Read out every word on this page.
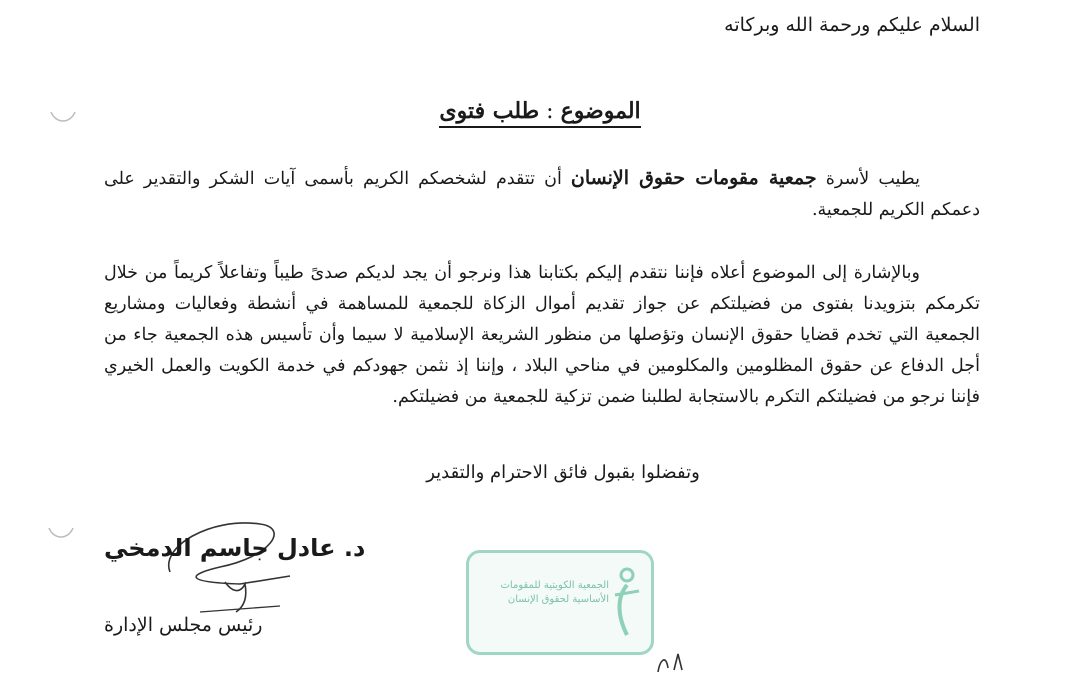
السلام عليكم ورحمة الله وبركاته
الموضوع : طلب فتوى
يطيب لأسرة جمعية مقومات حقوق الإنسان أن تتقدم لشخصكم الكريم بأسمى آيات الشكر والتقدير على دعمكم الكريم للجمعية.
وبالإشارة إلى الموضوع أعلاه فإننا نتقدم إليكم بكتابنا هذا ونرجو أن يجد لديكم صدىً طيباً وتفاعلاً كريماً من خلال تكرمكم بتزويدنا بفتوى من فضيلتكم عن جواز تقديم أموال الزكاة للجمعية للمساهمة في أنشطة وفعاليات ومشاريع الجمعية التي تخدم قضايا حقوق الإنسان وتؤصلها من منظور الشريعة الإسلامية لا سيما وأن تأسيس هذه الجمعية جاء من أجل الدفاع عن حقوق المظلومين والمكلومين في مناحي البلاد ، وإننا إذ نثمن جهودكم في خدمة الكويت والعمل الخيري فإننا نرجو من فضيلتكم التكرم بالاستجابة لطلبنا ضمن تزكية للجمعية من فضيلتكم.
وتفضلوا بقبول فائق الاحترام والتقدير
د. عادل جاسم الدمخي
رئيس مجلس الإدارة
الجمعية الكويتية للمقومات الأساسية لحقوق الإنسان
